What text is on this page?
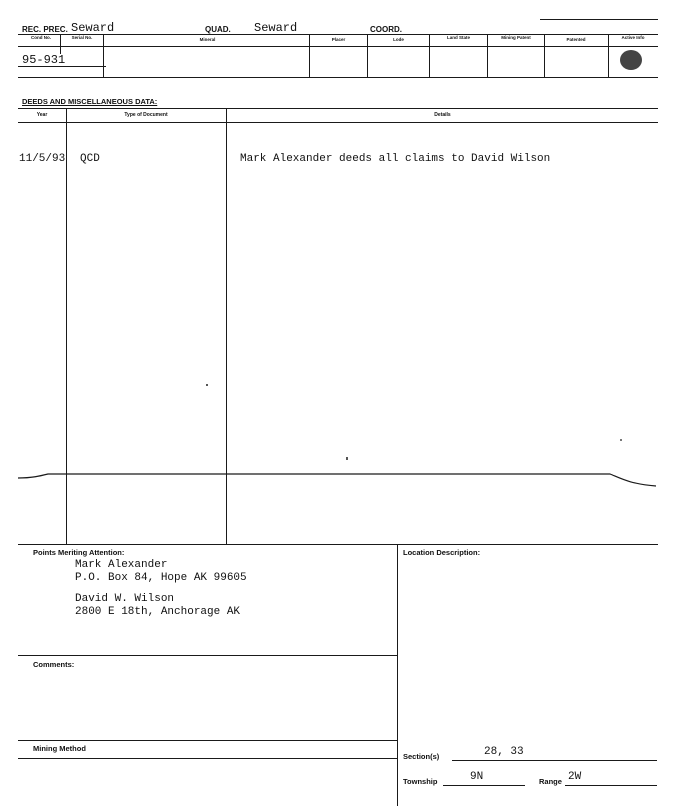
REC. PREC. Seward	QUAD. Seward	COORD.
Cond No.	Serial No.	Mineral	Placer	Lode	Land State	Mining Patent	Patented	Active Info
95-931
DEEDS AND MISCELLANEOUS DATA:
Year	Type of Document	Details
11/5/93 QCD	Mark Alexander deeds all claims to David Wilson
Points Meriting Attention:
Mark Alexander
P.O. Box 84, Hope AK 99605
David W. Wilson
2800 E 18th, Anchorage AK
Comments:
Mining Method
Location Description:
Section(s)	28, 33
Township	9N	Range 2W
